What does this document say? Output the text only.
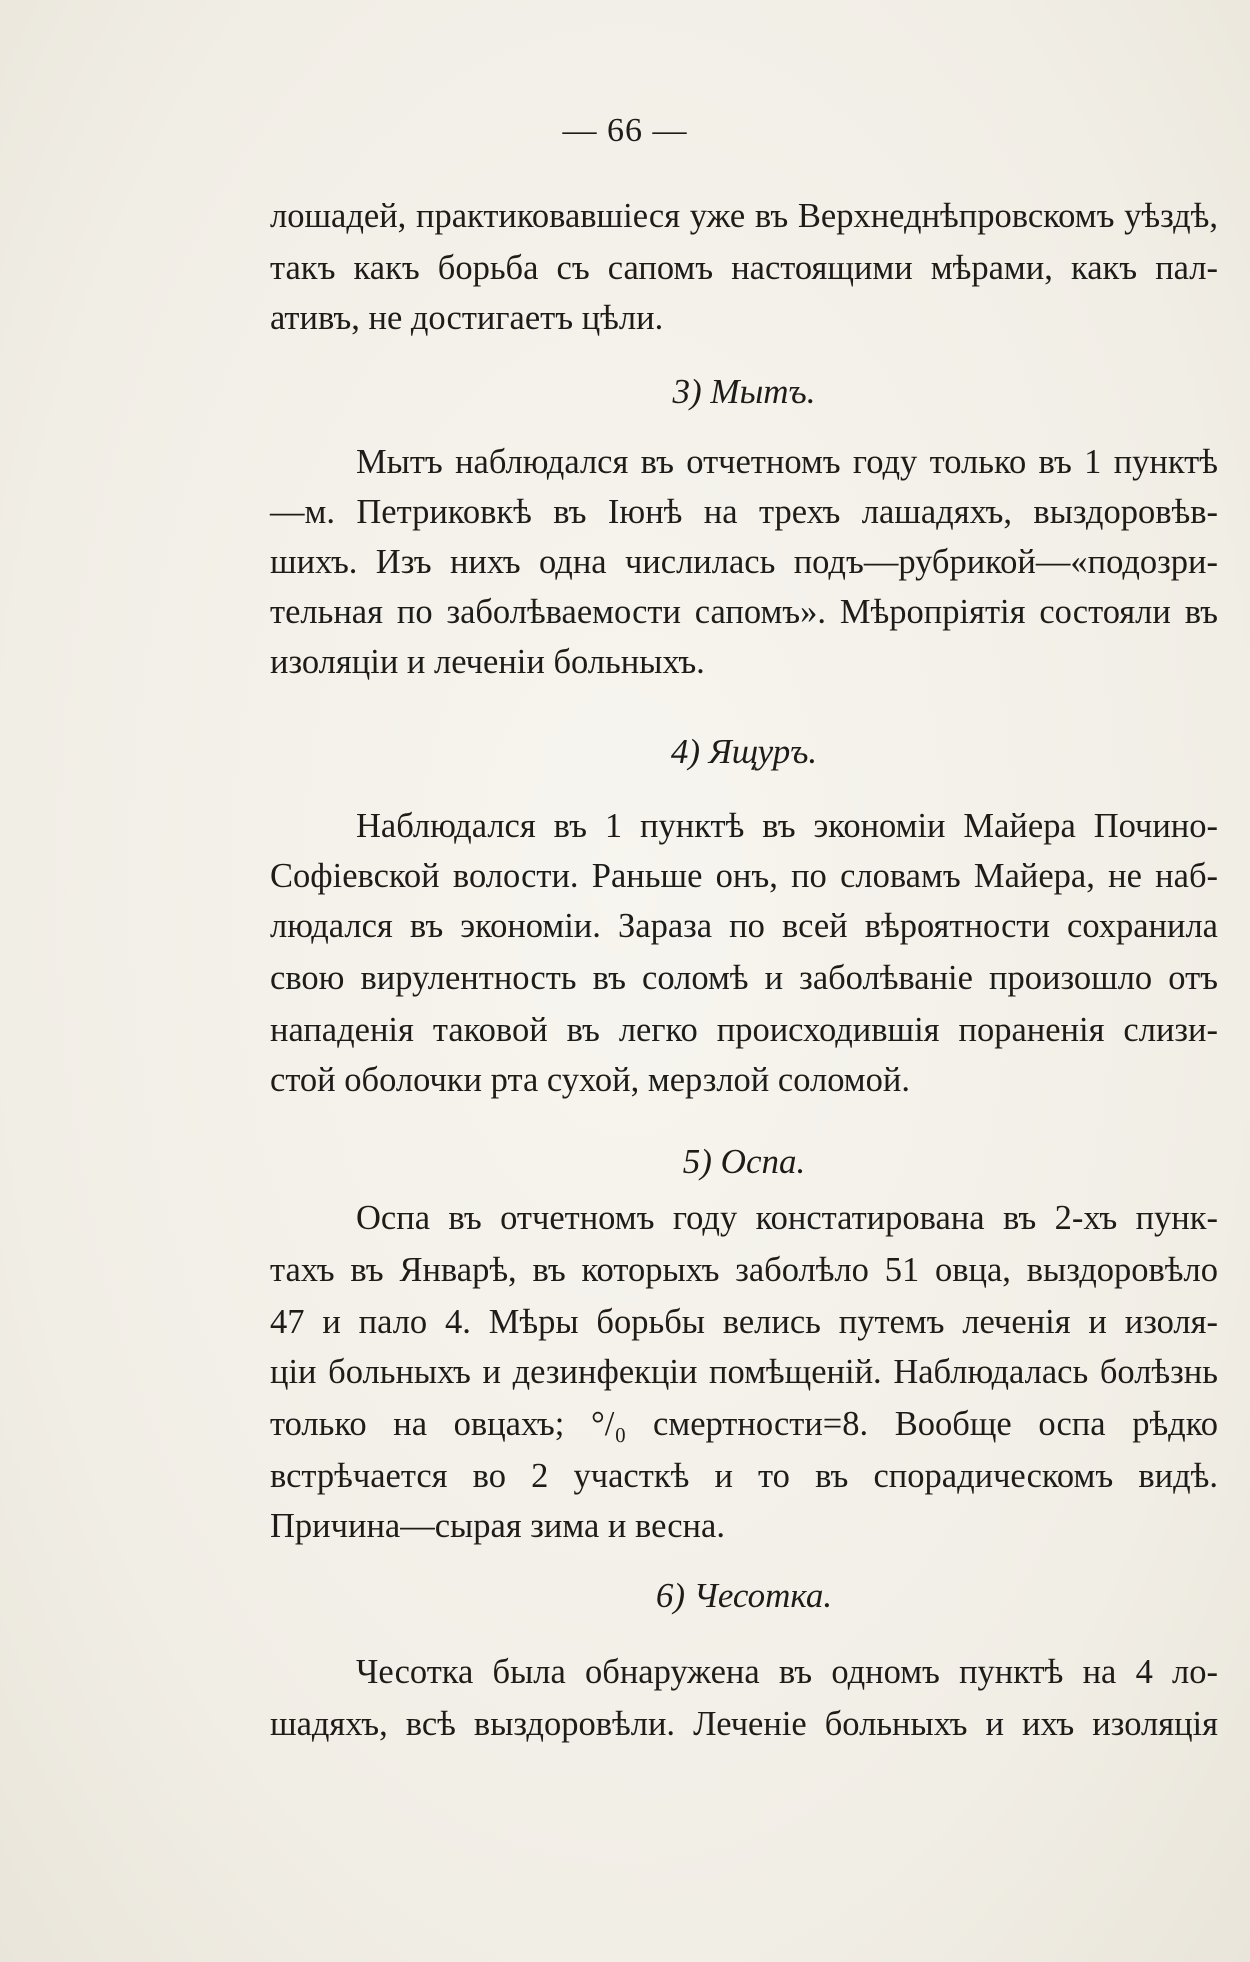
— 66 —
лошадей, практиковавшіеся уже въ Верхнеднѣпровскомъ уѣздѣ,
такъ какъ борьба съ сапомъ настоящими мѣрами, какъ пал-
ативъ, не достигаетъ цѣли.
3) Мытъ.
Мытъ наблюдался въ отчетномъ году только въ 1 пунктѣ
—м. Петриковкѣ въ Іюнѣ на трехъ лашадяхъ, выздоровѣв-
шихъ. Изъ нихъ одна числилась подъ—рубрикой—«подозри-
тельная по заболѣваемости сапомъ». Мѣропріятія состояли въ
изоляціи и леченіи больныхъ.
4) Ящуръ.
Наблюдался въ 1 пунктѣ въ экономіи Майера Почино-
Софіевской волости. Раньше онъ, по словамъ Майера, не наб-
людался въ экономіи. Зараза по всей вѣроятности сохранила
свою вирулентность въ соломѣ и заболѣваніе произошло отъ
нападенія таковой въ легко происходившія пораненія слизи-
стой оболочки рта сухой, мерзлой соломой.
5) Оспа.
Оспа въ отчетномъ году констатирована въ 2-хъ пунк-
тахъ въ Январѣ, въ которыхъ заболѣло 51 овца, выздоровѣло
47 и пало 4. Мѣры борьбы велись путемъ леченія и изоля-
ціи больныхъ и дезинфекціи помѣщеній. Наблюдалась болѣзнь
только на овцахъ; °/₀ смертности=8. Вообще оспа рѣдко
встрѣчается во 2 участкѣ и то въ спорадическомъ видѣ.
Причина—сырая зима и весна.
6) Чесотка.
Чесотка была обнаружена въ одномъ пунктѣ на 4 ло-
шадяхъ, всѣ выздоровѣли. Леченіе больныхъ и ихъ изоляція
